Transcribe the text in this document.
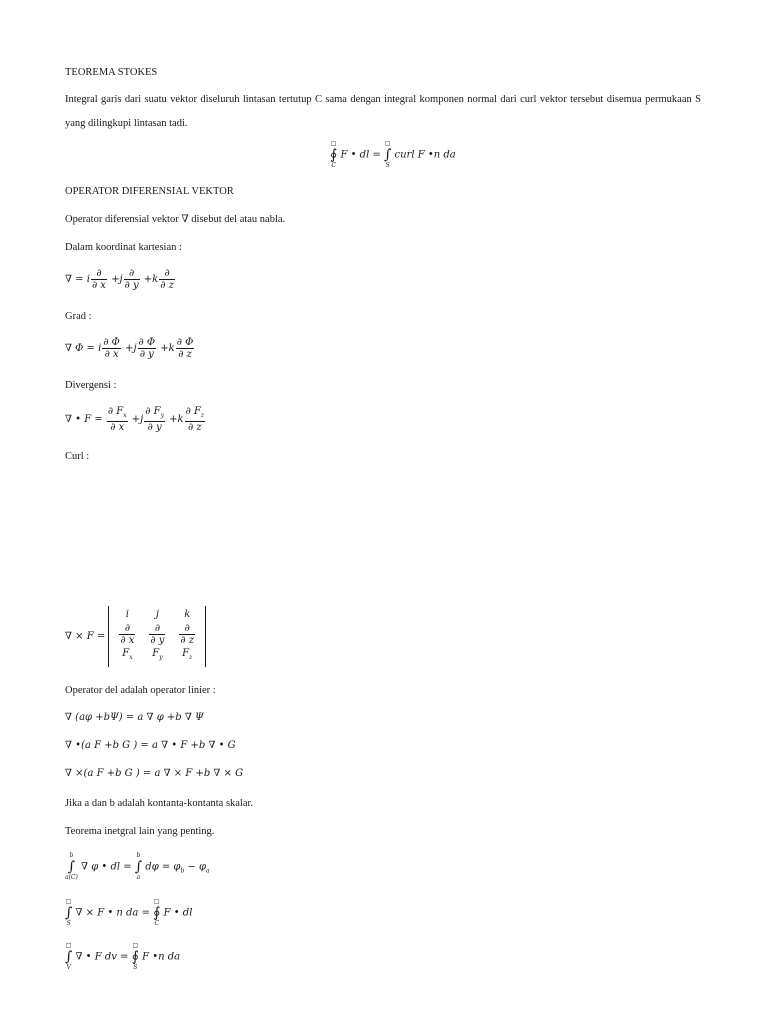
TEOREMA STOKES
Integral garis dari suatu vektor diseluruh lintasan tertutup C sama dengan integral komponen normal dari curl vektor tersebut disemua permukaan S yang dilingkupi lintasan tadi.
□
∮
C
F • dl =
□
∫
S
curl F •n da
OPERATOR DIFERENSIAL VEKTOR
Operator diferensial vektor ∇ disebut del atau nabla.
Dalam koordinat kartesian :
∇ = i $\frac{\partial}{\partial x} +j \frac{\partial}{\partial y} +k \frac{\partial}{\partial z}$
Grad :
∇ Φ = i $\frac{\partial \Phi}{\partial x} +j \frac{\partial \Phi}{\partial y} +k \frac{\partial \Phi}{\partial z}$
Divergensi :
∇ • $F = \frac{\partial F_x}{\partial x} +j \frac{\partial F_y}{\partial y} +k \frac{\partial F_z}{\partial z}$
Curl :
∇ × F =
i	j	k

$\frac{\partial}{\partial x}$	$\frac{\partial}{\partial y}$	$\frac{\partial}{\partial z}$

$F_x$	$F_y$	$F_z$
Operator del adalah operator linier :
∇ (aφ +bΨ) = a ∇ φ +b ∇ Ψ
∇ •(a F +b G ) = a ∇ • F +b ∇ • G
∇ ×(a F +b G ) = a ∇ × F +b ∇ × G
Jika a dan b adalah kontanta-kontanta skalar.
Teorema inetgral lain yang penting.
b
∫
a(C)
∇ φ • dl =
b
∫
a
$d\varphi = \varphi_b - \varphi_a$
□
∫
S
∇ × F • n da =
□
∮
C
F • dl
□
∫
V
∇ • F dv =
□
∮
S
F •n da
